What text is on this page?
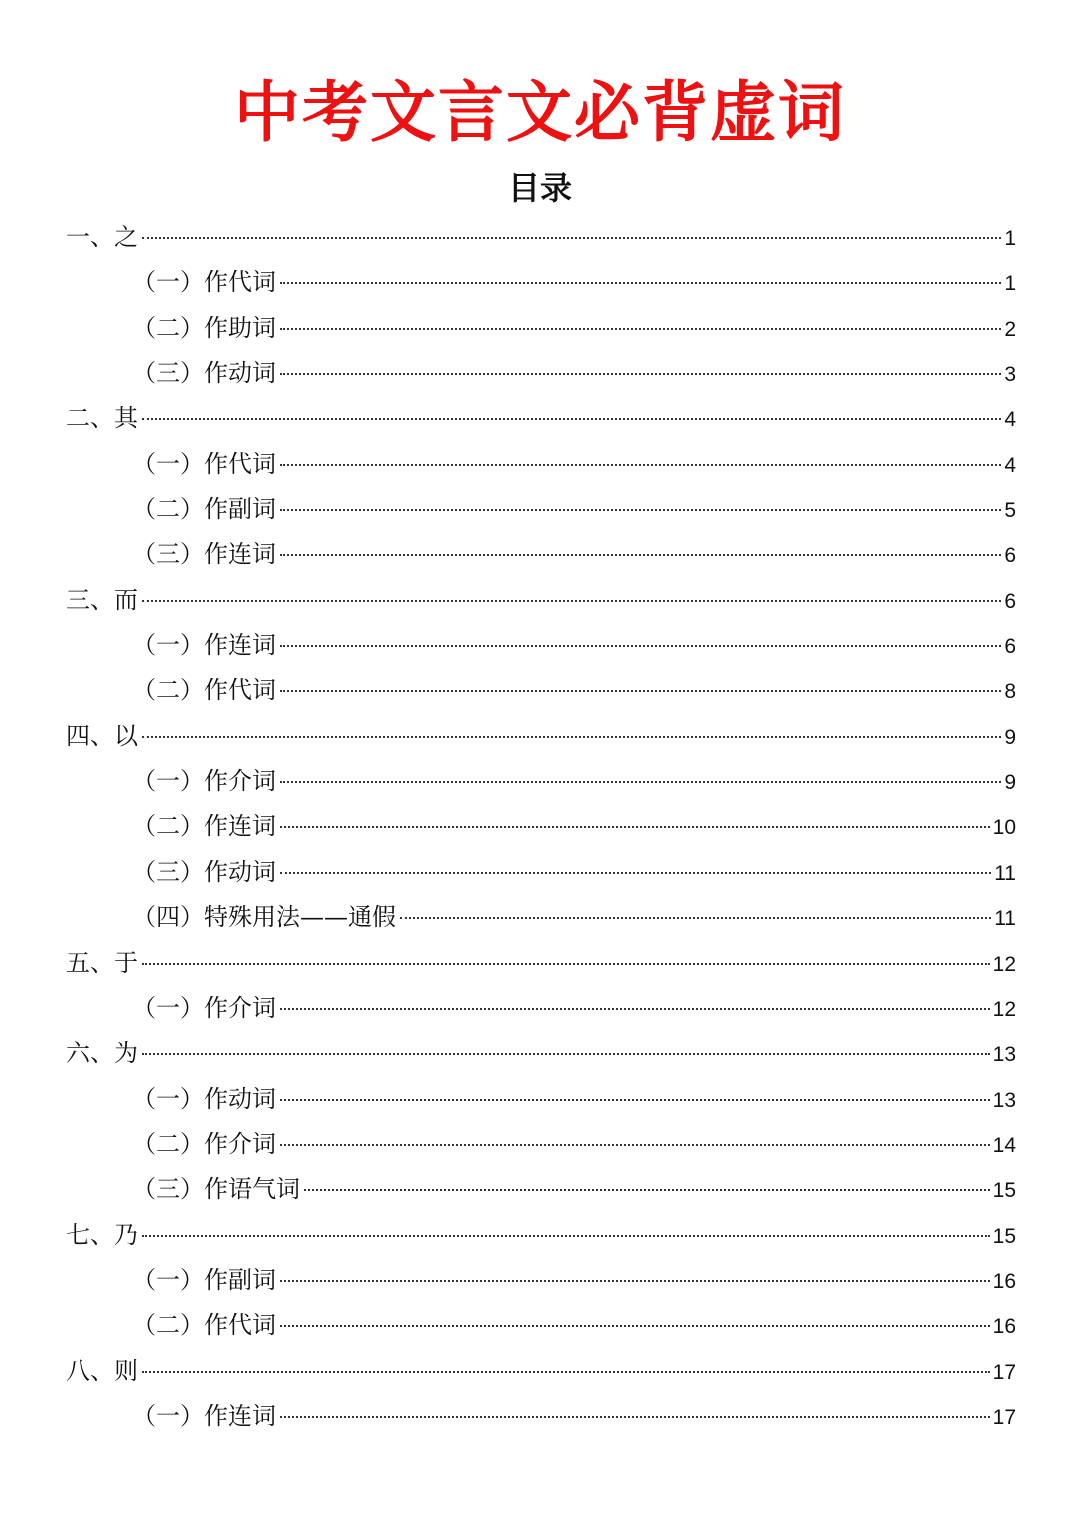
中考文言文必背虚词
目录
一、之	1
（一）作代词	1
（二）作助词	2
（三）作动词	3
二、其	4
（一）作代词	4
（二）作副词	5
（三）作连词	6
三、而	6
（一）作连词	6
（二）作代词	8
四、以	9
（一）作介词	9
（二）作连词	10
（三）作动词	11
（四）特殊用法——通假	11
五、于	12
（一）作介词	12
六、为	13
（一）作动词	13
（二）作介词	14
（三）作语气词	15
七、乃	15
（一）作副词	16
（二）作代词	16
八、则	17
（一）作连词	17
